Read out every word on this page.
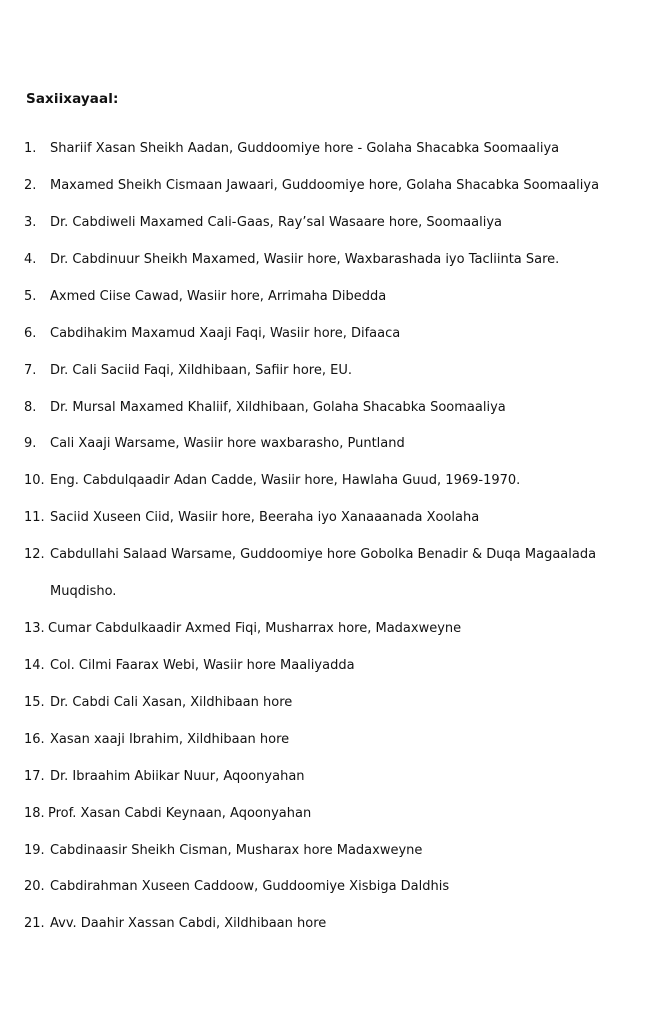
Saxiixayaal:
1. Shariif Xasan Sheikh Aadan, Guddoomiye hore - Golaha Shacabka Soomaaliya
2. Maxamed Sheikh Cismaan Jawaari, Guddoomiye hore, Golaha Shacabka Soomaaliya
3. Dr. Cabdiweli Maxamed Cali-Gaas, Ray’sal Wasaare hore, Soomaaliya
4. Dr. Cabdinuur Sheikh Maxamed, Wasiir hore, Waxbarashada iyo Tacliinta Sare.
5. Axmed Ciise Cawad, Wasiir hore, Arrimaha Dibedda
6. Cabdihakim Maxamud Xaaji Faqi, Wasiir hore, Difaaca
7. Dr. Cali Saciid Faqi, Xildhibaan, Safiir hore, EU.
8. Dr. Mursal Maxamed Khaliif, Xildhibaan, Golaha Shacabka Soomaaliya
9. Cali Xaaji Warsame, Wasiir hore waxbarasho, Puntland
10. Eng. Cabdulqaadir Adan Cadde, Wasiir hore, Hawlaha Guud, 1969-1970.
11. Saciid Xuseen Ciid, Wasiir hore, Beeraha iyo Xanaaanada Xoolaha
12. Cabdullahi Salaad Warsame, Guddoomiye hore Gobolka Benadir & Duqa Magaalada
Muqdisho.
13. Cumar Cabdulkaadir Axmed Fiqi, Musharrax hore, Madaxweyne
14. Col. Cilmi Faarax Webi, Wasiir hore Maaliyadda
15. Dr. Cabdi Cali Xasan, Xildhibaan hore
16. Xasan xaaji Ibrahim, Xildhibaan hore
17. Dr. Ibraahim Abiikar Nuur, Aqoonyahan
18. Prof. Xasan Cabdi Keynaan, Aqoonyahan
19. Cabdinaasir Sheikh Cisman, Musharax hore Madaxweyne
20. Cabdirahman Xuseen Caddoow, Guddoomiye Xisbiga Daldhis
21. Avv. Daahir Xassan Cabdi, Xildhibaan hore
